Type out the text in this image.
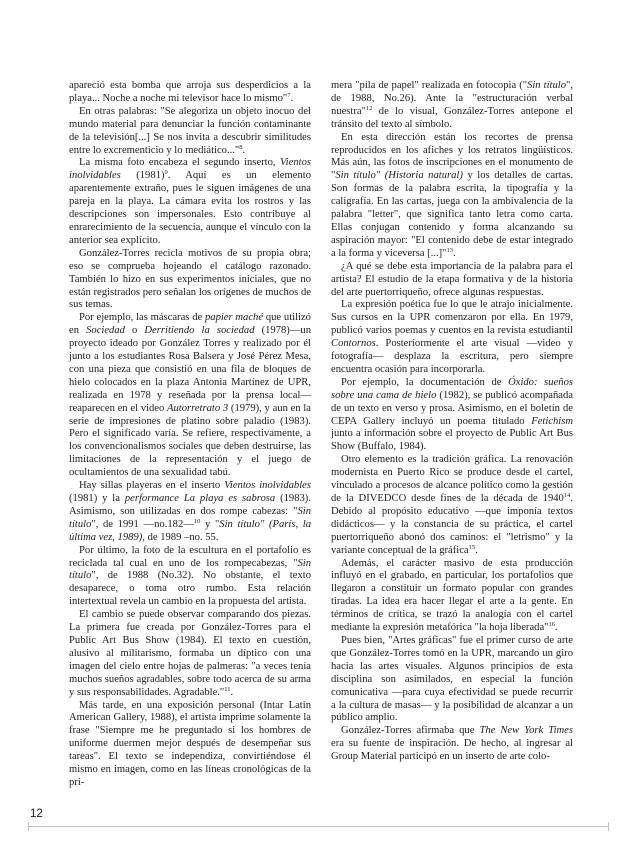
apareció esta bomba que arroja sus desperdicios a la playa... Noche a noche mi televisor hace lo mismo"$^7$.

En otras palabras: "Se alegoriza un objeto inocuo del mundo material para denunciar la función contaminante de la televisión[...] Se nos invita a descubrir similitudes entre lo excrementicio y lo mediático..."$^8$.

La misma foto encabeza el segundo inserto, Vientos inolvidables $(1981)^9$. Aquí es un elemento aparentemente extraño, pues le siguen imágenes de una pareja en la playa. La cámara evita los rostros y las descripciones son impersonales. Esto contribuye al enrarecimiento de la secuencia, aunque el vínculo con la anterior sea explícito.

González-Torres recicla motivos de su propia obra; eso se comprueba hojeando el catálogo razonado. También lo hizo en sus experimentos iniciales, que no están registrados pero señalan los orígenes de muchos de sus temas.

Por ejemplo, las máscaras de papier maché que utilizó en Sociedad o Derritiendo la sociedad (1978)—un proyecto ideado por González Torres y realizado por él junto a los estudiantes Rosa Balsera y José Pérez Mesa, con una pieza que consistió en una fila de bloques de hielo colocados en la plaza Antonia Martínez de UPR, realizada en 1978 y reseñada por la prensa local— reaparecen en el video Autorretrato 3 (1979), y aun en la serie de impresiones de platino sobre paladio (1983). Pero el significado varía. Se refiere, respectivamente, a los convencionalismos sociales que deben destruirse, las limitaciones de la representación y el juego de ocultamientos de una sexualidad tabú.

Hay sillas playeras en el inserto Vientos inolvidables (1981) y la performance La playa es sabrosa (1983). Asimismo, son utilizadas en dos rompe cabezas: "Sin título", de 1991 —no.182—$^{10}$ y "Sin título" (París, la última vez, 1989), de 1989 –no. 55.

Por último, la foto de la escultura en el portafolio es reciclada tal cual en uno de los rompecabezas, "Sin título", de 1988 (No.32). No obstante, el texto desaparece, o toma otro rumbo. Esta relación intertextual revela un cambio en la propuesta del artista.

El cambio se puede observar comparando dos piezas. La primera fue creada por González-Torres para el Public Art Bus Show (1984). El texto en cuestión, alusivo al militarismo, formaba un díptico con una imagen del cielo entre hojas de palmeras: "a veces tenía muchos sueños agradables, sobre todo acerca de su arma y sus responsabilidades. Agradable."$^{11}$.

Más tarde, en una exposición personal (Intar Latin American Gallery, 1988), el artista imprime solamente la frase "Siempre me he preguntado si los hombres de uniforme duermen mejor después de desempeñar sus tareas". El texto se independiza, convirtiéndose él mismo en imagen, como en las líneas cronológicas de la pri-

mera "pila de papel" realizada en fotocopia ("Sin título", de 1988, No.26). Ante la "estructuración verbal nuestra"$^{12}$ de lo visual, González-Torres antepone el tránsito del texto al símbolo.

En esta dirección están los recortes de prensa reproducidos en los afiches y los retratos lingüísticos. Más aún, las fotos de inscripciones en el monumento de "Sin título" (Historia natural) y los detalles de cartas. Son formas de la palabra escrita, la tipografía y la caligrafía. En las cartas, juega con la ambivalencia de la palabra "letter", que significa tanto letra como carta. Ellas conjugan contenido y forma alcanzando su aspiración mayor: "El contenido debe de estar integrado a la forma y viceversa [...]"$^{13}$.

¿A qué se debe esta importancia de la palabra para el artista? El estudio de la etapa formativa y de la historia del arte puertorriqueño, ofrece algunas respuestas.

La expresión poética fue lo que le atrajo inicialmente. Sus cursos en la UPR comenzaron por ella. En 1979, publicó varios poemas y cuentos en la revista estudiantil Contornos. Posteriormente el arte visual —video y fotografía— desplaza la escritura, pero siempre encuentra ocasión para incorporarla.

Por ejemplo, la documentación de Óxido: sueños sobre una cama de hielo (1982), se publicó acompañada de un texto en verso y prosa. Asimismo, en el boletín de CEPA Gallery incluyó un poema titulado Fetichism junto a información sobre el proyecto de Public Art Bus Show (Buffalo, 1984).

Otro elemento es la tradición gráfica. La renovación modernista en Puerto Rico se produce desde el cartel, vinculado a procesos de alcance político como la gestión de la DIVEDCO desde fines de la década de 1940$^{14}$. Debido al propósito educativo —que imponía textos didácticos— y la constancia de su práctica, el cartel puertorriqueño abonó dos caminos: el "letrismo" y la variante conceptual de la gráfica$^{15}$.

Además, el carácter masivo de esta producción influyó en el grabado, en particular, los portafolios que llegaron a constituir un formato popular con grandes tiradas. La idea era hacer llegar el arte a la gente. En términos de crítica, se trazó la analogía con el cartel mediante la expresión metafórica "la hoja liberada"$^{16}$.

Pues bien, "Artes gráficas" fue el primer curso de arte que González-Torres tomó en la UPR, marcando un giro hacia las artes visuales. Algunos principios de esta disciplina son asimilados, en especial la función comunicativa —para cuya efectividad se puede recurrir a la cultura de masas— y la posibilidad de alcanzar a un público amplio.

González-Torres afirmaba que The New York Times era su fuente de inspiración. De hecho, al ingresar al Group Material participó en un inserto de arte colo-

12
